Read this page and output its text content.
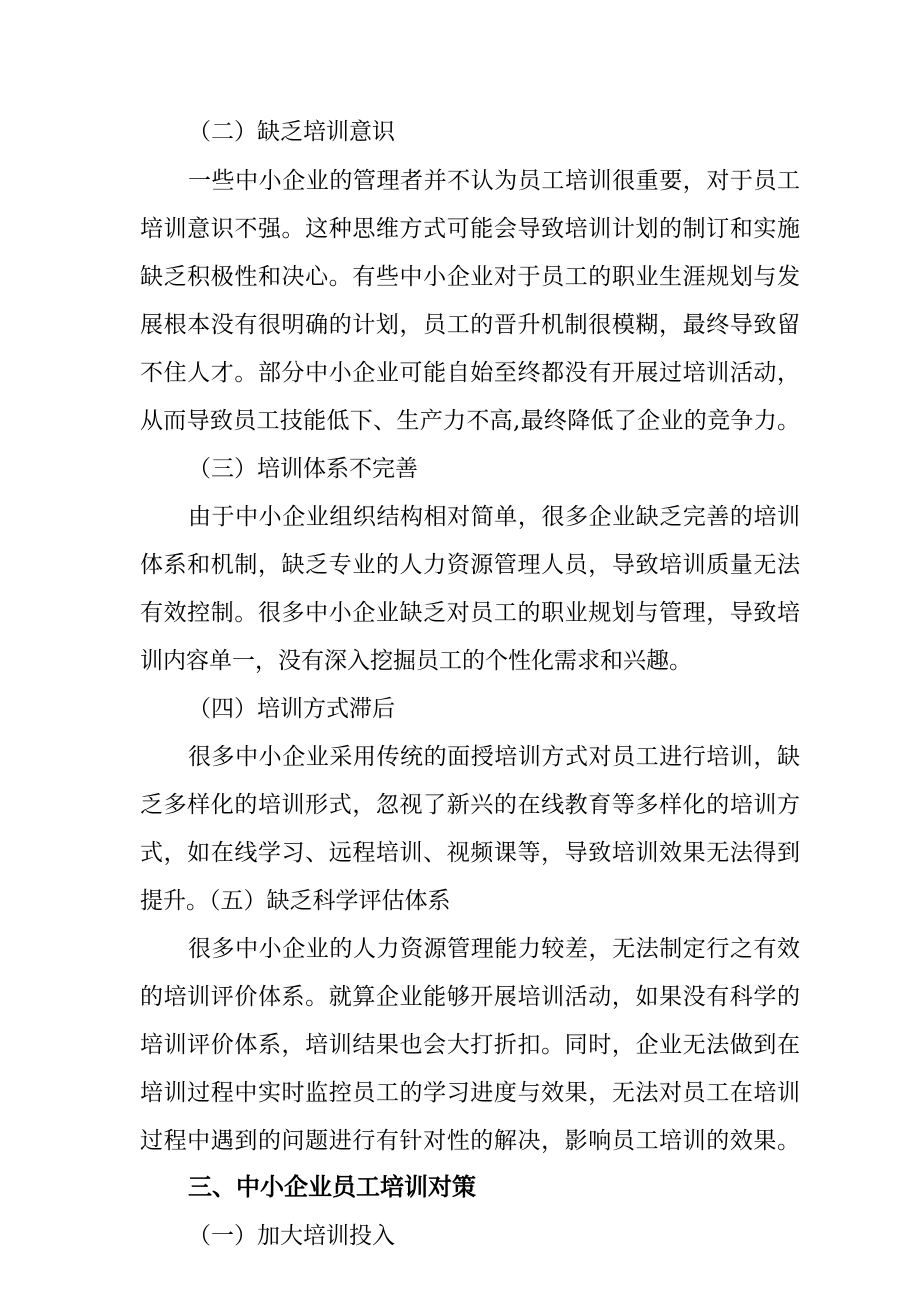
（二）缺乏培训意识
一些中小企业的管理者并不认为员工培训很重要，对于员工
培训意识不强。这种思维方式可能会导致培训计划的制订和实施
缺乏积极性和决心。有些中小企业对于员工的职业生涯规划与发
展根本没有很明确的计划，员工的晋升机制很模糊，最终导致留
不住人才。部分中小企业可能自始至终都没有开展过培训活动，
从而导致员工技能低下、生产力不高,最终降低了企业的竞争力。
（三）培训体系不完善
由于中小企业组织结构相对简单，很多企业缺乏完善的培训
体系和机制，缺乏专业的人力资源管理人员，导致培训质量无法
有效控制。很多中小企业缺乏对员工的职业规划与管理，导致培
训内容单一，没有深入挖掘员工的个性化需求和兴趣。
（四）培训方式滞后
很多中小企业采用传统的面授培训方式对员工进行培训，缺
乏多样化的培训形式，忽视了新兴的在线教育等多样化的培训方
式，如在线学习、远程培训、视频课等，导致培训效果无法得到
提升。（五）缺乏科学评估体系
很多中小企业的人力资源管理能力较差，无法制定行之有效
的培训评价体系。就算企业能够开展培训活动，如果没有科学的
培训评价体系，培训结果也会大打折扣。同时，企业无法做到在
培训过程中实时监控员工的学习进度与效果，无法对员工在培训
过程中遇到的问题进行有针对性的解决，影响员工培训的效果。
三、中小企业员工培训对策
（一）加大培训投入
